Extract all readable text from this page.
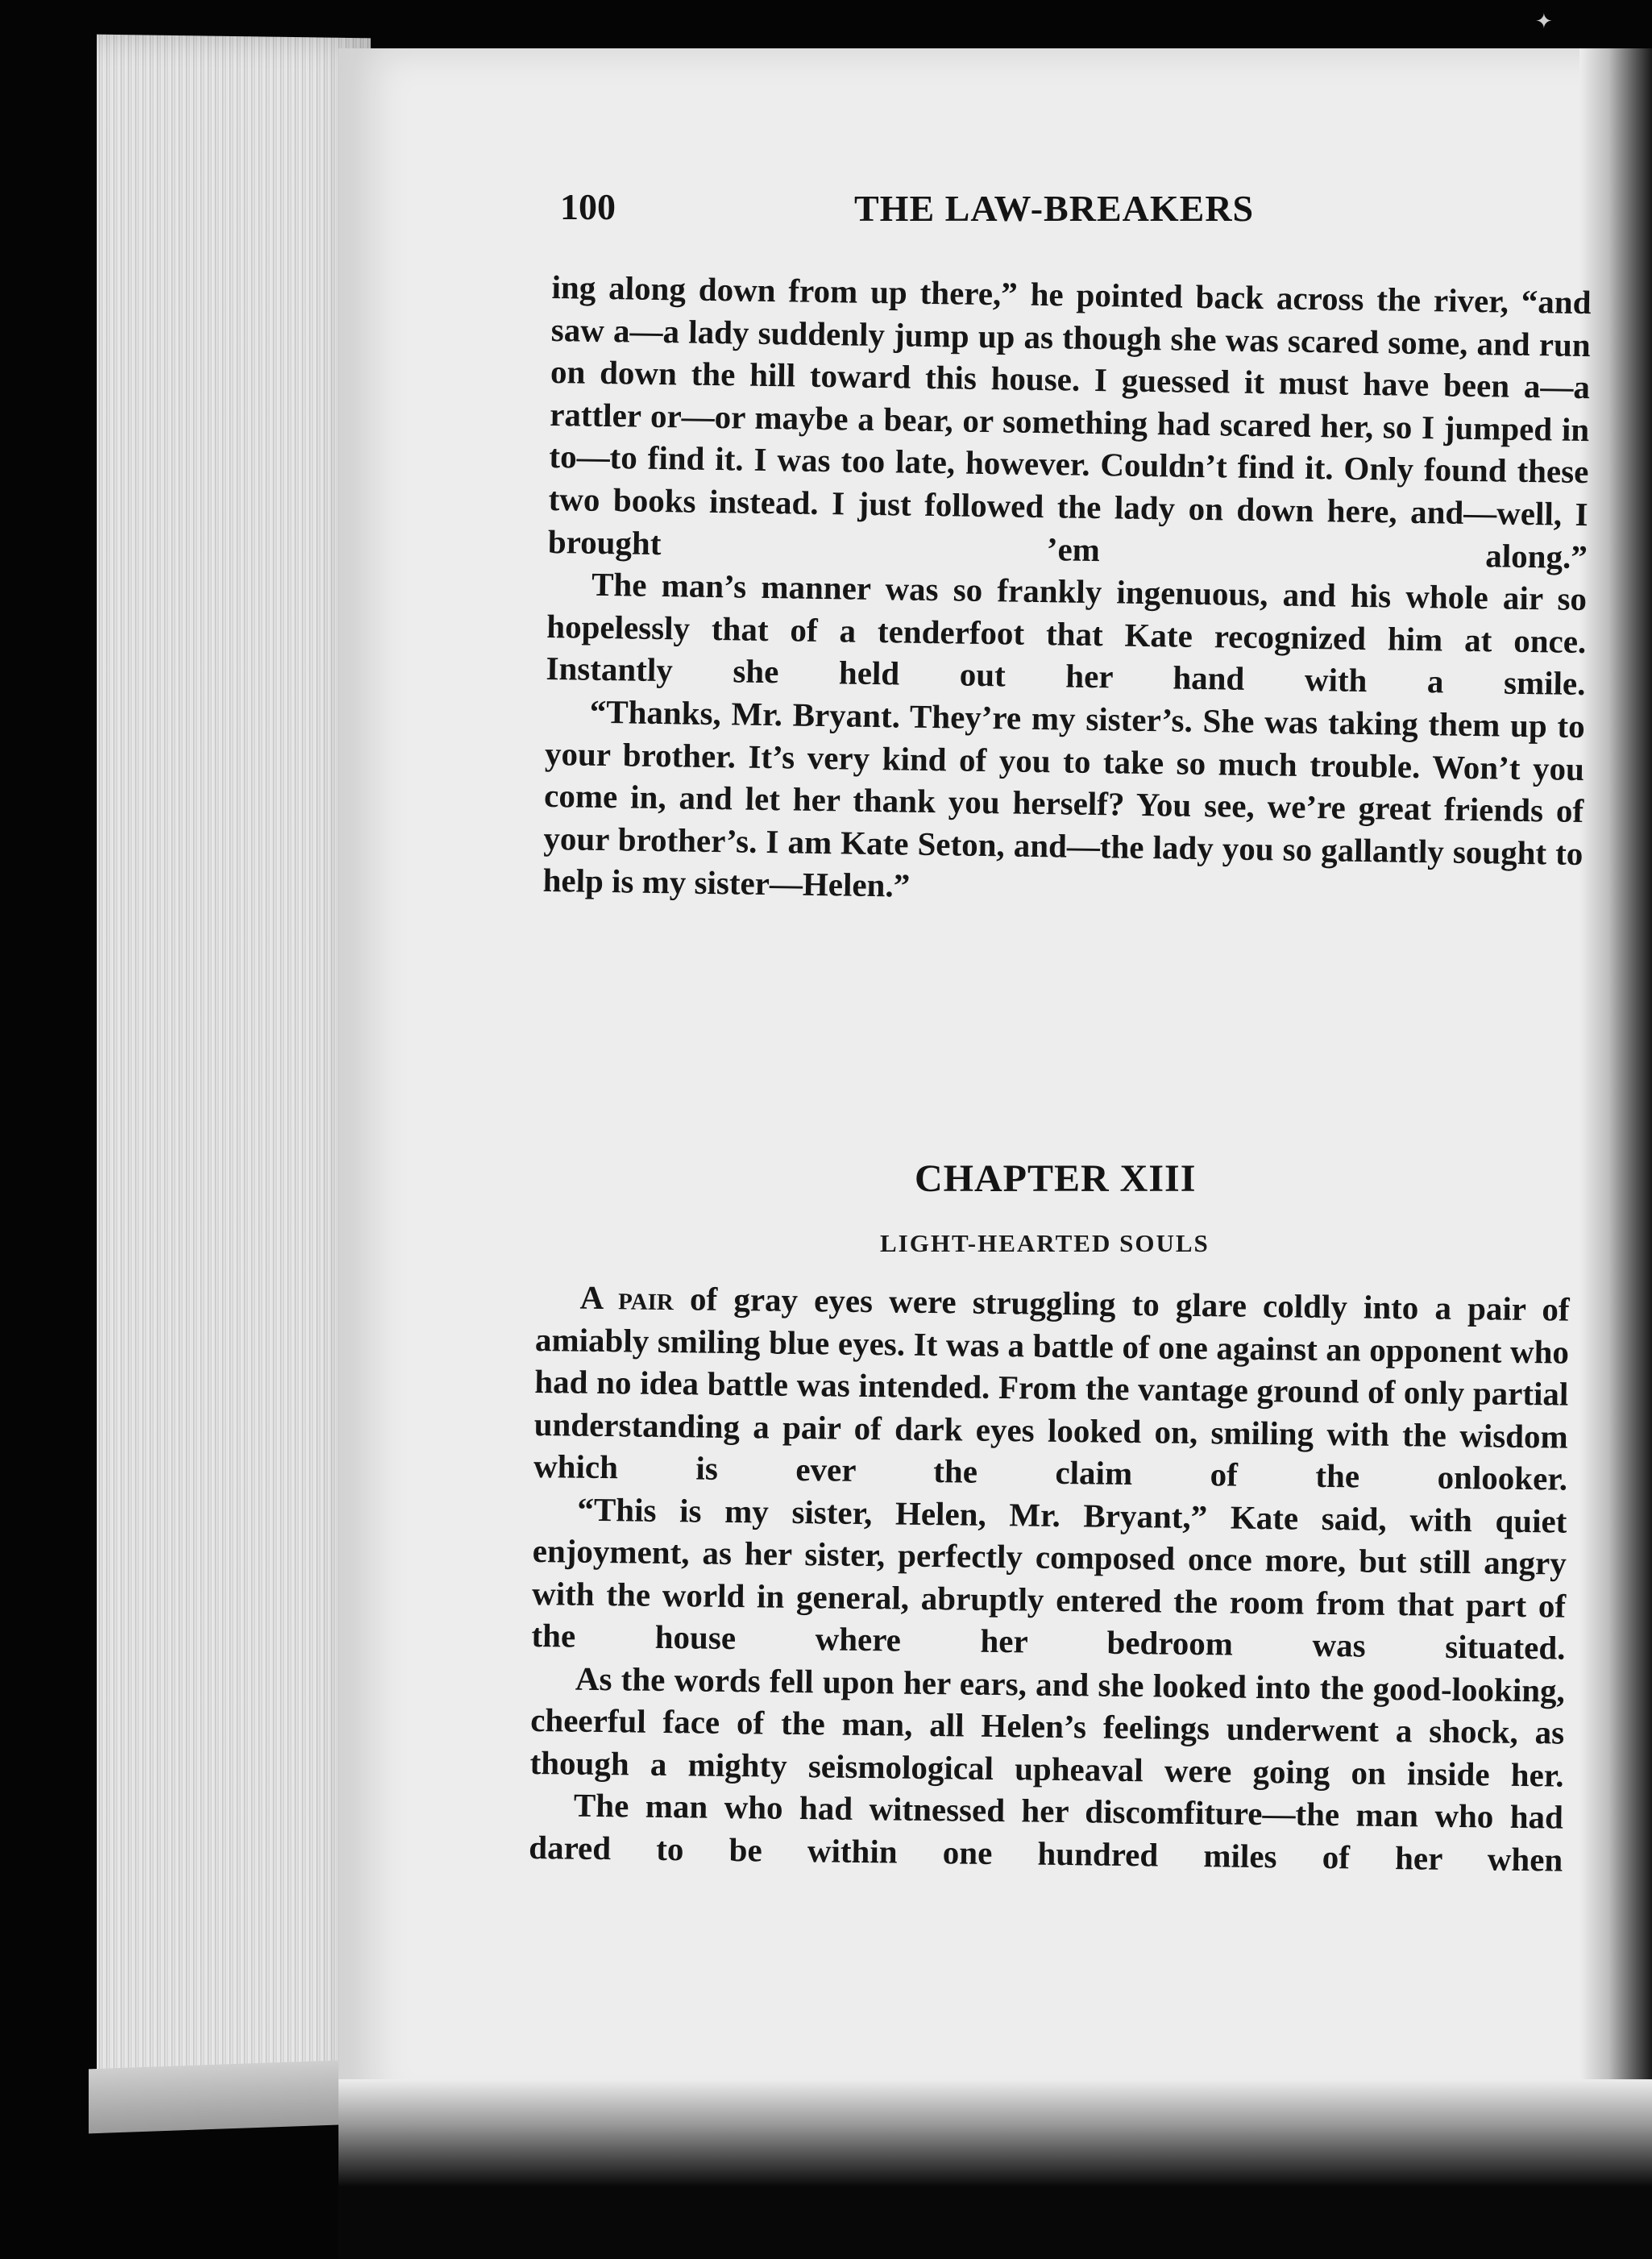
✦
100	THE LAW-BREAKERS

ing along down from up there,” he pointed back across the river, “and saw a—a lady suddenly jump up as though she was scared some, and run on down the hill toward this house. I guessed it must have been a—a rattler or—or maybe a bear, or something had scared her, so I jumped in to—to find it. I was too late, however. Couldn’t find it. Only found these two books instead. I just followed the lady on down here, and—well, I brought ’em along.”

The man’s manner was so frankly ingenuous, and his whole air so hopelessly that of a tenderfoot that Kate recognized him at once. Instantly she held out her hand with a smile.

“Thanks, Mr. Bryant. They’re my sister’s. She was taking them up to your brother. It’s very kind of you to take so much trouble. Won’t you come in, and let her thank you herself? You see, we’re great friends of your brother’s. I am Kate Seton, and—the lady you so gallantly sought to help is my sister—Helen.”

CHAPTER XIII
LIGHT-HEARTED SOULS

A pair of gray eyes were struggling to glare coldly into a pair of amiably smiling blue eyes. It was a battle of one against an opponent who had no idea battle was intended. From the vantage ground of only partial understanding a pair of dark eyes looked on, smiling with the wisdom which is ever the claim of the onlooker.

“This is my sister, Helen, Mr. Bryant,” Kate said, with quiet enjoyment, as her sister, perfectly composed once more, but still angry with the world in general, abruptly entered the room from that part of the house where her bedroom was situated.

As the words fell upon her ears, and she looked into the good-looking, cheerful face of the man, all Helen’s feelings underwent a shock, as though a mighty seismological upheaval were going on inside her.

The man who had witnessed her discomfiture—the man who had dared to be within one hundred miles of her when
